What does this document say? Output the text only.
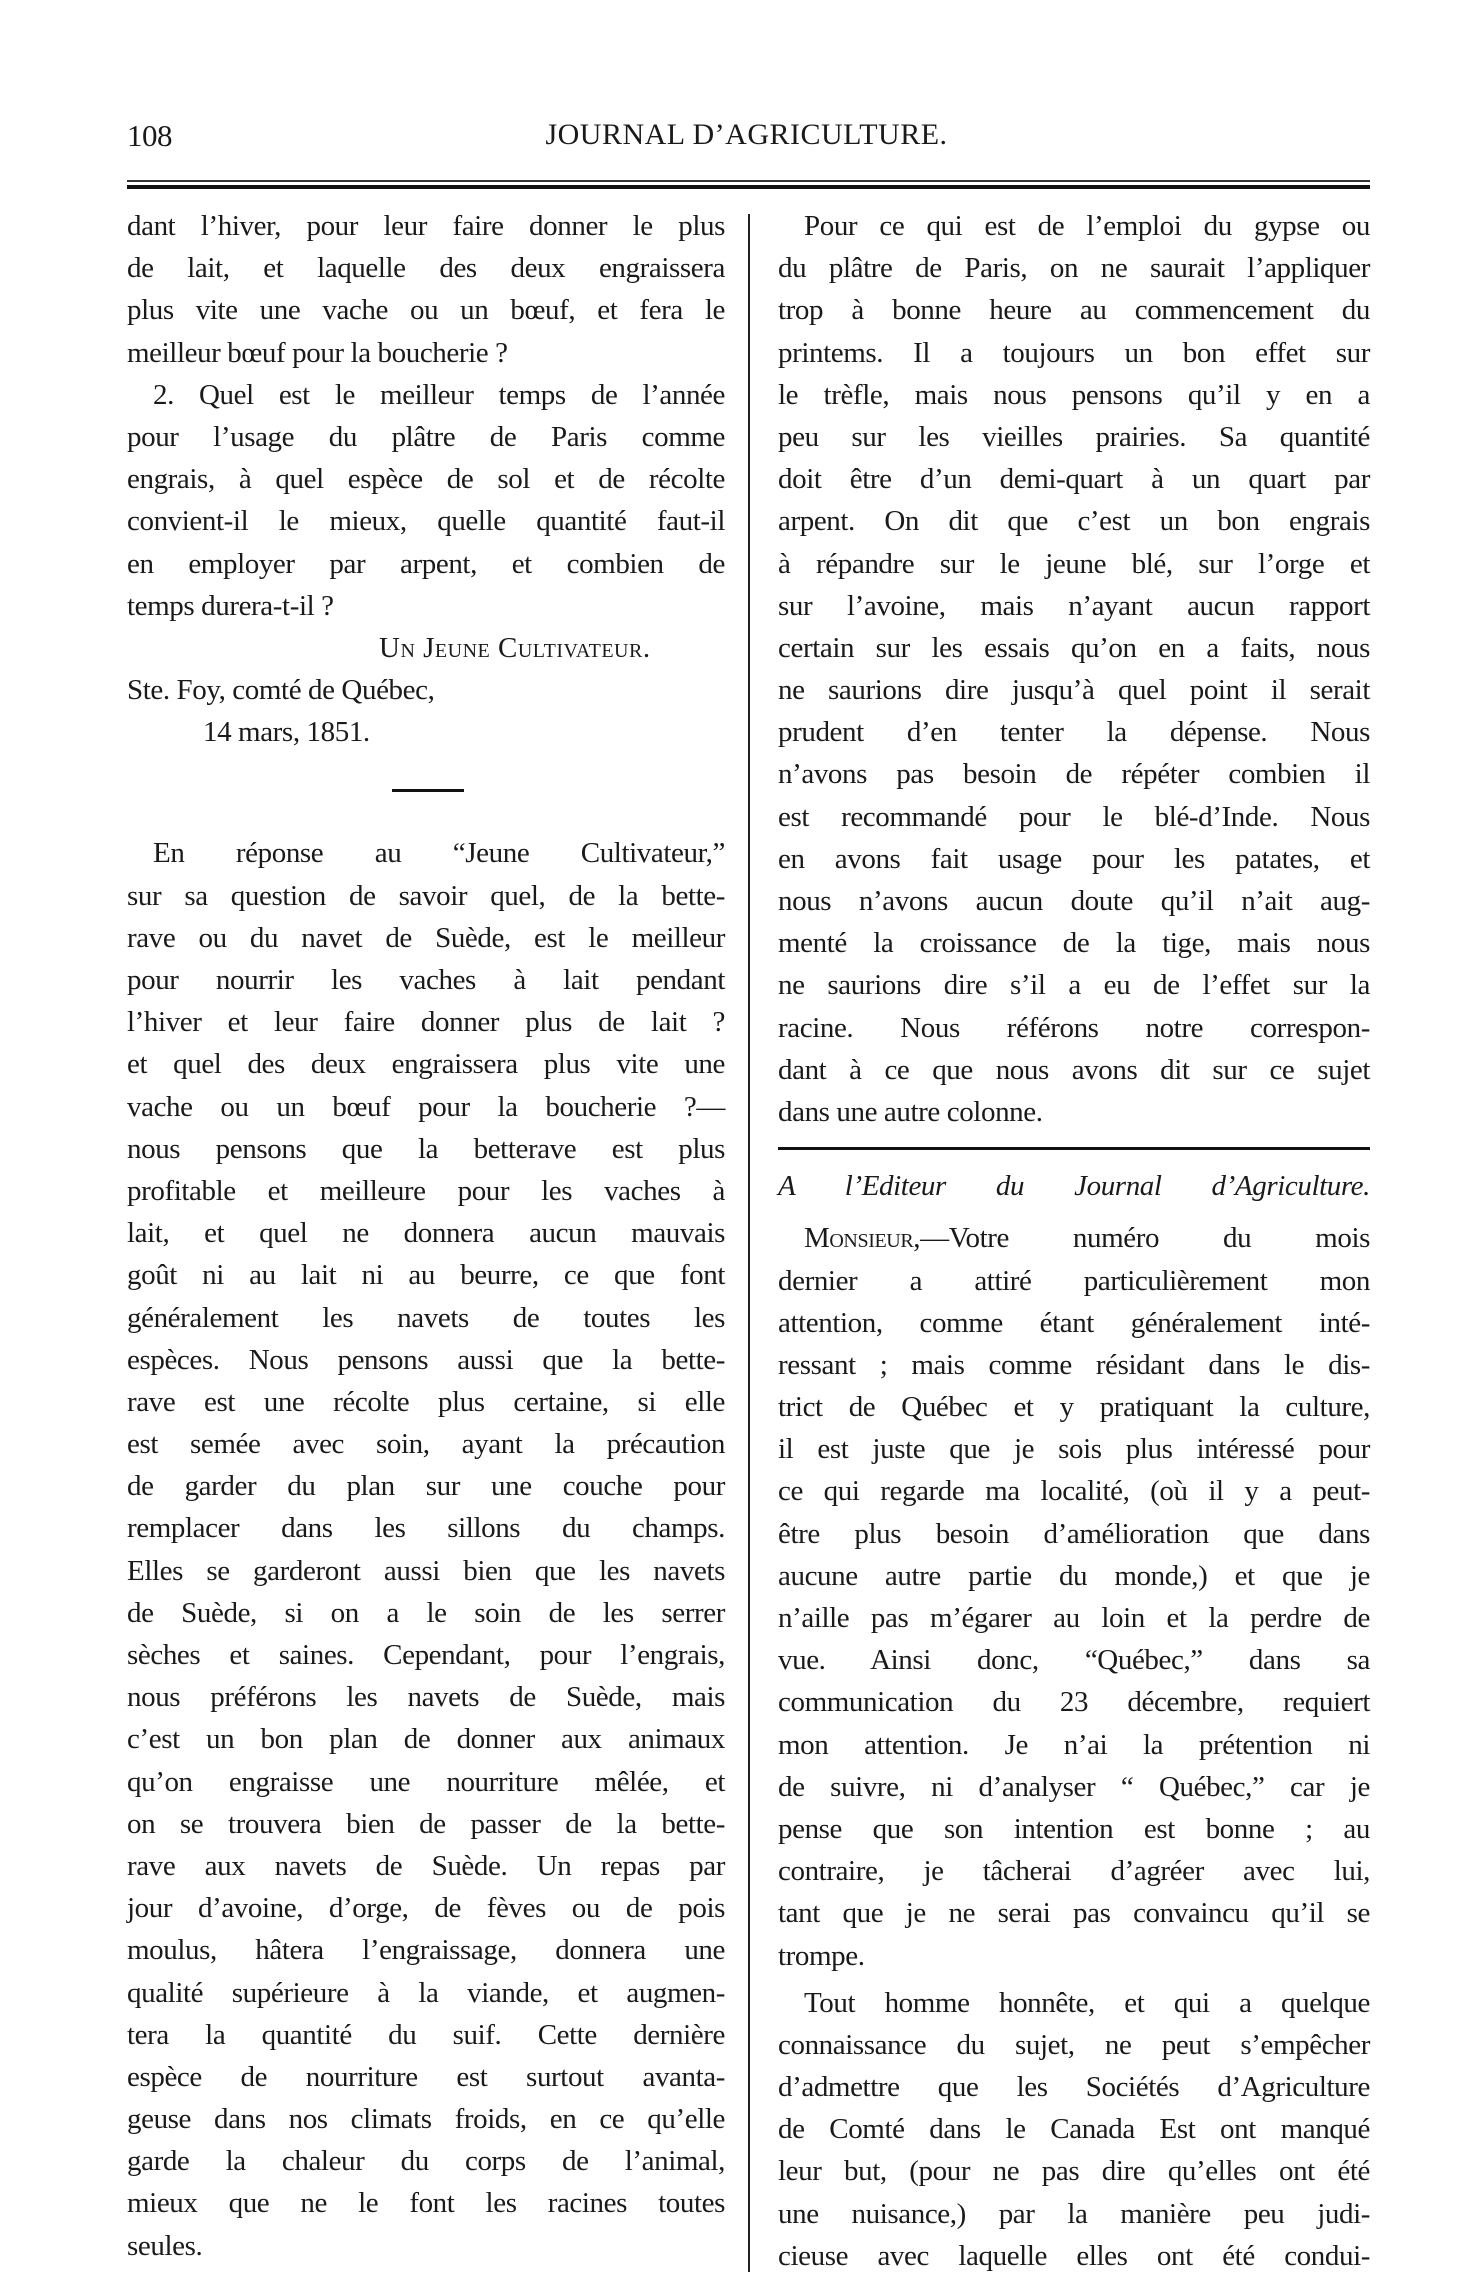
108	JOURNAL D’AGRICULTURE.
dant l’hiver, pour leur faire donner le plus
de lait, et laquelle des deux engraissera
plus vite une vache ou un bœuf, et fera le
meilleur bœuf pour la boucherie ?
2. Quel est le meilleur temps de l’année
pour l’usage du plâtre de Paris comme
engrais, à quel espèce de sol et de récolte
convient-il le mieux, quelle quantité faut-il
en employer par arpent, et combien de
temps durera-t-il ?
Un Jeune Cultivateur.
Ste. Foy, comté de Québec,
14 mars, 1851.
En réponse au “Jeune Cultivateur,”
sur sa question de savoir quel, de la bette-
rave ou du navet de Suède, est le meilleur
pour nourrir les vaches à lait pendant
l’hiver et leur faire donner plus de lait ?
et quel des deux engraissera plus vite une
vache ou un bœuf pour la boucherie ?—
nous pensons que la betterave est plus
profitable et meilleure pour les vaches à
lait, et quel ne donnera aucun mauvais
goût ni au lait ni au beurre, ce que font
généralement les navets de toutes les
espèces. Nous pensons aussi que la bette-
rave est une récolte plus certaine, si elle
est semée avec soin, ayant la précaution
de garder du plan sur une couche pour
remplacer dans les sillons du champs.
Elles se garderont aussi bien que les navets
de Suède, si on a le soin de les serrer
sèches et saines. Cependant, pour l’engrais,
nous préférons les navets de Suède, mais
c’est un bon plan de donner aux animaux
qu’on engraisse une nourriture mêlée, et
on se trouvera bien de passer de la bette-
rave aux navets de Suède. Un repas par
jour d’avoine, d’orge, de fèves ou de pois
moulus, hâtera l’engraissage, donnera une
qualité supérieure à la viande, et augmen-
tera la quantité du suif. Cette dernière
espèce de nourriture est surtout avanta-
geuse dans nos climats froids, en ce qu’elle
garde la chaleur du corps de l’animal,
mieux que ne le font les racines toutes
seules.
Pour ce qui est de l’emploi du gypse ou
du plâtre de Paris, on ne saurait l’appliquer
trop à bonne heure au commencement du
printems. Il a toujours un bon effet sur
le trèfle, mais nous pensons qu’il y en a
peu sur les vieilles prairies. Sa quantité
doit être d’un demi-quart à un quart par
arpent. On dit que c’est un bon engrais
à répandre sur le jeune blé, sur l’orge et
sur l’avoine, mais n’ayant aucun rapport
certain sur les essais qu’on en a faits, nous
ne saurions dire jusqu’à quel point il serait
prudent d’en tenter la dépense. Nous
n’avons pas besoin de répéter combien il
est recommandé pour le blé-d’Inde. Nous
en avons fait usage pour les patates, et
nous n’avons aucun doute qu’il n’ait aug-
menté la croissance de la tige, mais nous
ne saurions dire s’il a eu de l’effet sur la
racine. Nous référons notre correspon-
dant à ce que nous avons dit sur ce sujet
dans une autre colonne.
A l’Editeur du Journal d’Agriculture.
Monsieur,—Votre numéro du mois
dernier a attiré particulièrement mon
attention, comme étant généralement inté-
ressant ; mais comme résidant dans le dis-
trict de Québec et y pratiquant la culture,
il est juste que je sois plus intéressé pour
ce qui regarde ma localité, (où il y a peut-
être plus besoin d’amélioration que dans
aucune autre partie du monde,) et que je
n’aille pas m’égarer au loin et la perdre de
vue. Ainsi donc, “Québec,” dans sa
communication du 23 décembre, requiert
mon attention. Je n’ai la prétention ni
de suivre, ni d’analyser “ Québec,” car je
pense que son intention est bonne ; au
contraire, je tâcherai d’agréer avec lui,
tant que je ne serai pas convaincu qu’il se
trompe.
Tout homme honnête, et qui a quelque
connaissance du sujet, ne peut s’empêcher
d’admettre que les Sociétés d’Agriculture
de Comté dans le Canada Est ont manqué
leur but, (pour ne pas dire qu’elles ont été
une nuisance,) par la manière peu judi-
cieuse avec laquelle elles ont été condui-
